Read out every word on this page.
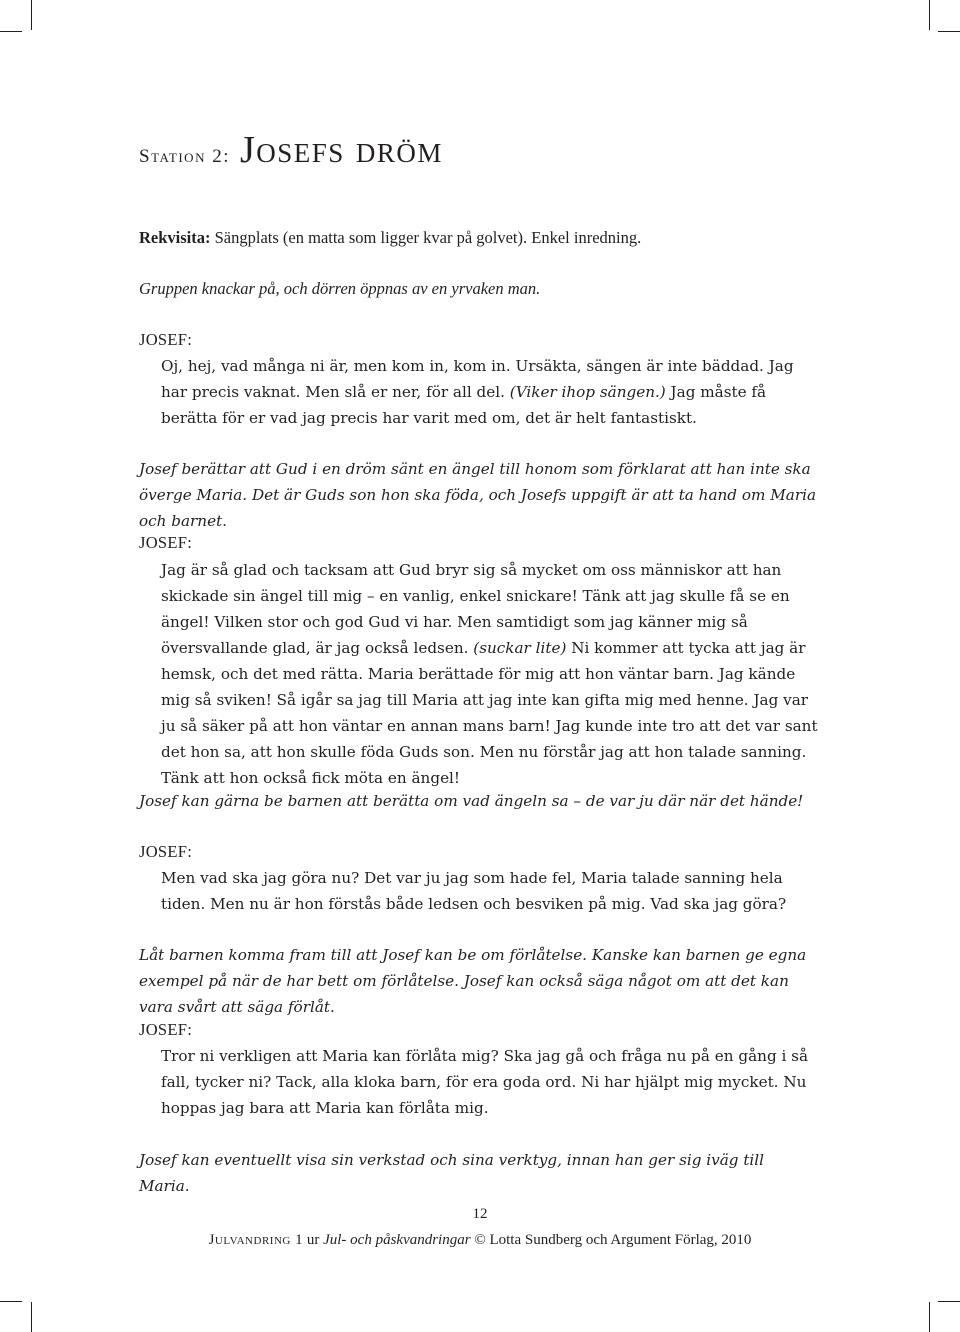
Station 2: Josefs dröm

Rekvisita: Sängplats (en matta som ligger kvar på golvet). Enkel inredning.

Gruppen knackar på, och dörren öppnas av en yrvaken man.

JOSEF:

Oj, hej, vad många ni är, men kom in, kom in. Ursäkta, sängen är inte bäddad. Jag har precis vaknat. Men slå er ner, för all del. (Viker ihop sängen.) Jag måste få berätta för er vad jag precis har varit med om, det är helt fantastiskt.

Josef berättar att Gud i en dröm sänt en ängel till honom som förklarat att han inte ska överge Maria. Det är Guds son hon ska föda, och Josefs uppgift är att ta hand om Maria och barnet.

JOSEF:

Jag är så glad och tacksam att Gud bryr sig så mycket om oss människor att han skickade sin ängel till mig – en vanlig, enkel snickare! Tänk att jag skulle få se en ängel! Vilken stor och god Gud vi har. Men samtidigt som jag känner mig så översvallande glad, är jag också ledsen. (suckar lite) Ni kommer att tycka att jag är hemsk, och det med rätta. Maria berättade för mig att hon väntar barn. Jag kände mig så sviken! Så igår sa jag till Maria att jag inte kan gifta mig med henne. Jag var ju så säker på att hon väntar en annan mans barn! Jag kunde inte tro att det var sant det hon sa, att hon skulle föda Guds son. Men nu förstår jag att hon talade sanning. Tänk att hon också fick möta en ängel!

Josef kan gärna be barnen att berätta om vad ängeln sa – de var ju där när det hände!

JOSEF:

Men vad ska jag göra nu? Det var ju jag som hade fel, Maria talade sanning hela tiden. Men nu är hon förstås både ledsen och besviken på mig. Vad ska jag göra?

Låt barnen komma fram till att Josef kan be om förlåtelse. Kanske kan barnen ge egna exempel på när de har bett om förlåtelse. Josef kan också säga något om att det kan vara svårt att säga förlåt.

JOSEF:

Tror ni verkligen att Maria kan förlåta mig? Ska jag gå och fråga nu på en gång i så fall, tycker ni? Tack, alla kloka barn, för era goda ord. Ni har hjälpt mig mycket. Nu hoppas jag bara att Maria kan förlåta mig.

Josef kan eventuellt visa sin verkstad och sina verktyg, innan han ger sig iväg till Maria.

12
Julvandring 1 ur Jul- och påskvandringar © Lotta Sundberg och Argument Förlag, 2010
